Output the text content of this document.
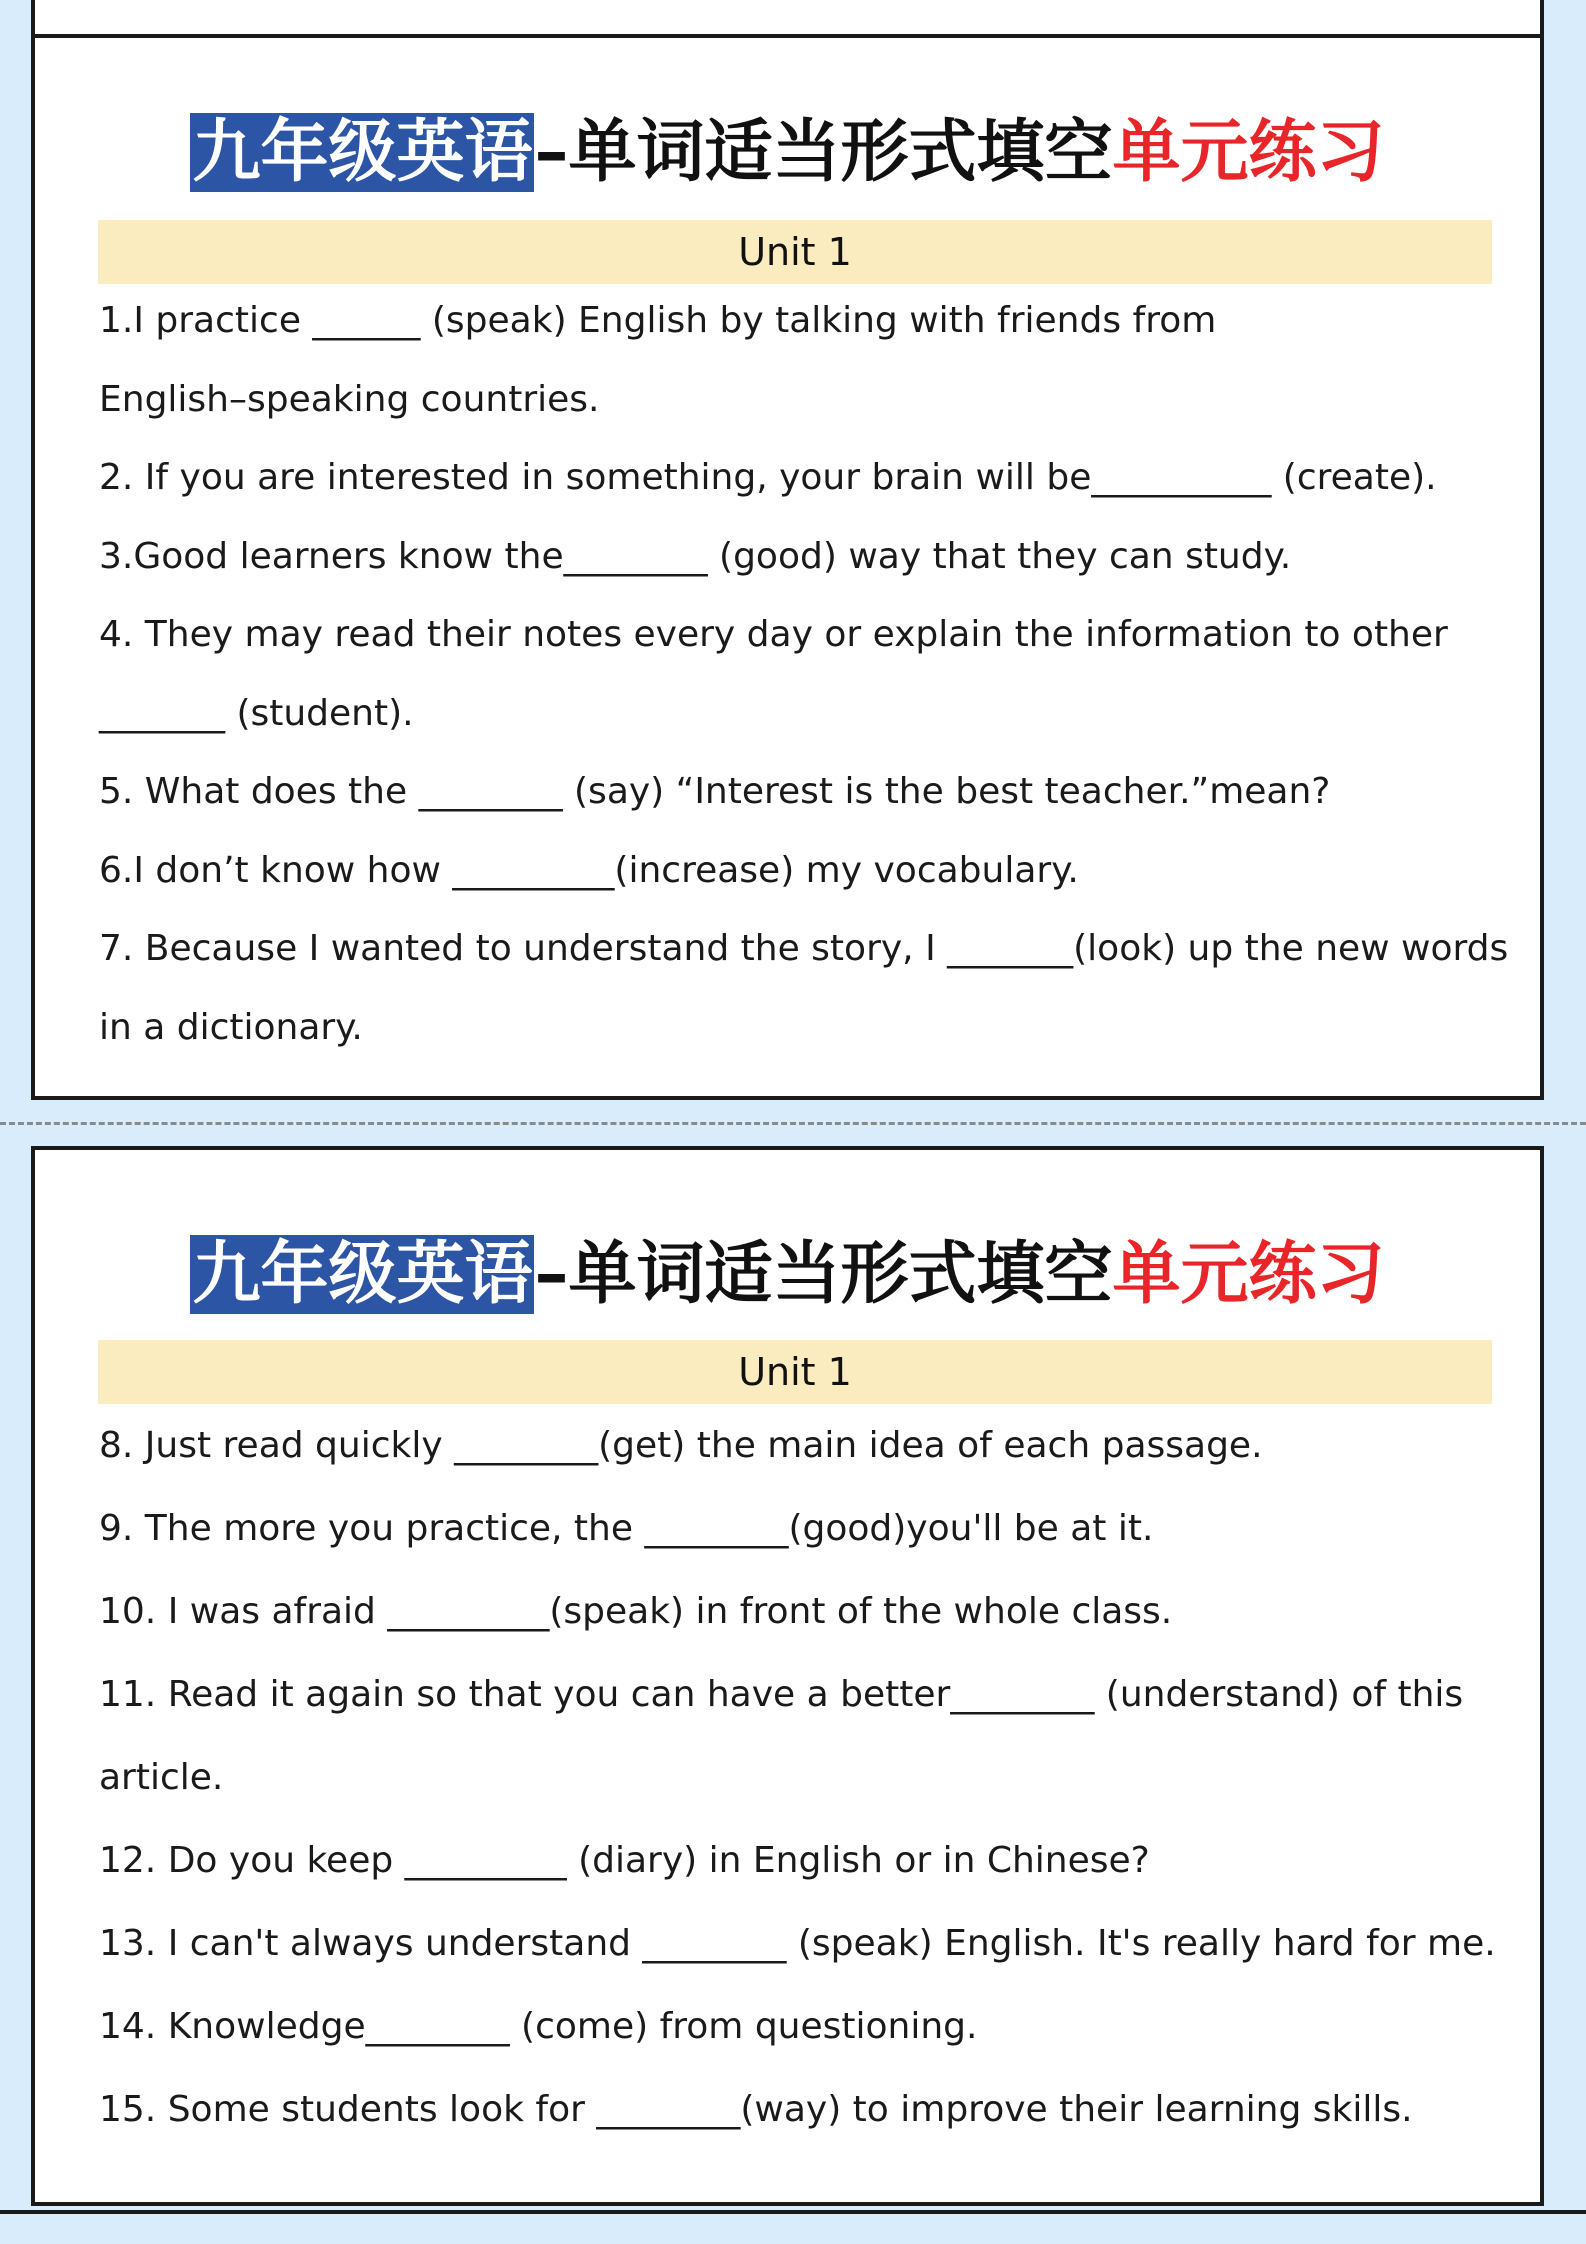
九年级英语–单词适当形式填空单元练习
Unit 1
1.I practice ______ (speak) English by talking with friends from
English–speaking countries.
2. If you are interested in something, your brain will be__________ (create).
3.Good learners know the________ (good) way that they can study.
4. They may read their notes every day or explain the information to other
_______ (student).
5. What does the ________ (say) “Interest is the best teacher.”mean?
6.I don’t know how _________(increase) my vocabulary.
7. Because I wanted to understand the story, I _______(look) up the new words
in a dictionary.
九年级英语–单词适当形式填空单元练习
Unit 1
8. Just read quickly ________(get) the main idea of each passage.
9. The more you practice, the ________(good)you'll be at it.
10. I was afraid _________(speak) in front of the whole class.
11. Read it again so that you can have a better________ (understand) of this
article.
12. Do you keep _________ (diary) in English or in Chinese?
13. I can't always understand ________ (speak) English. It's really hard for me.
14. Knowledge________ (come) from questioning.
15. Some students look for ________(way) to improve their learning skills.
